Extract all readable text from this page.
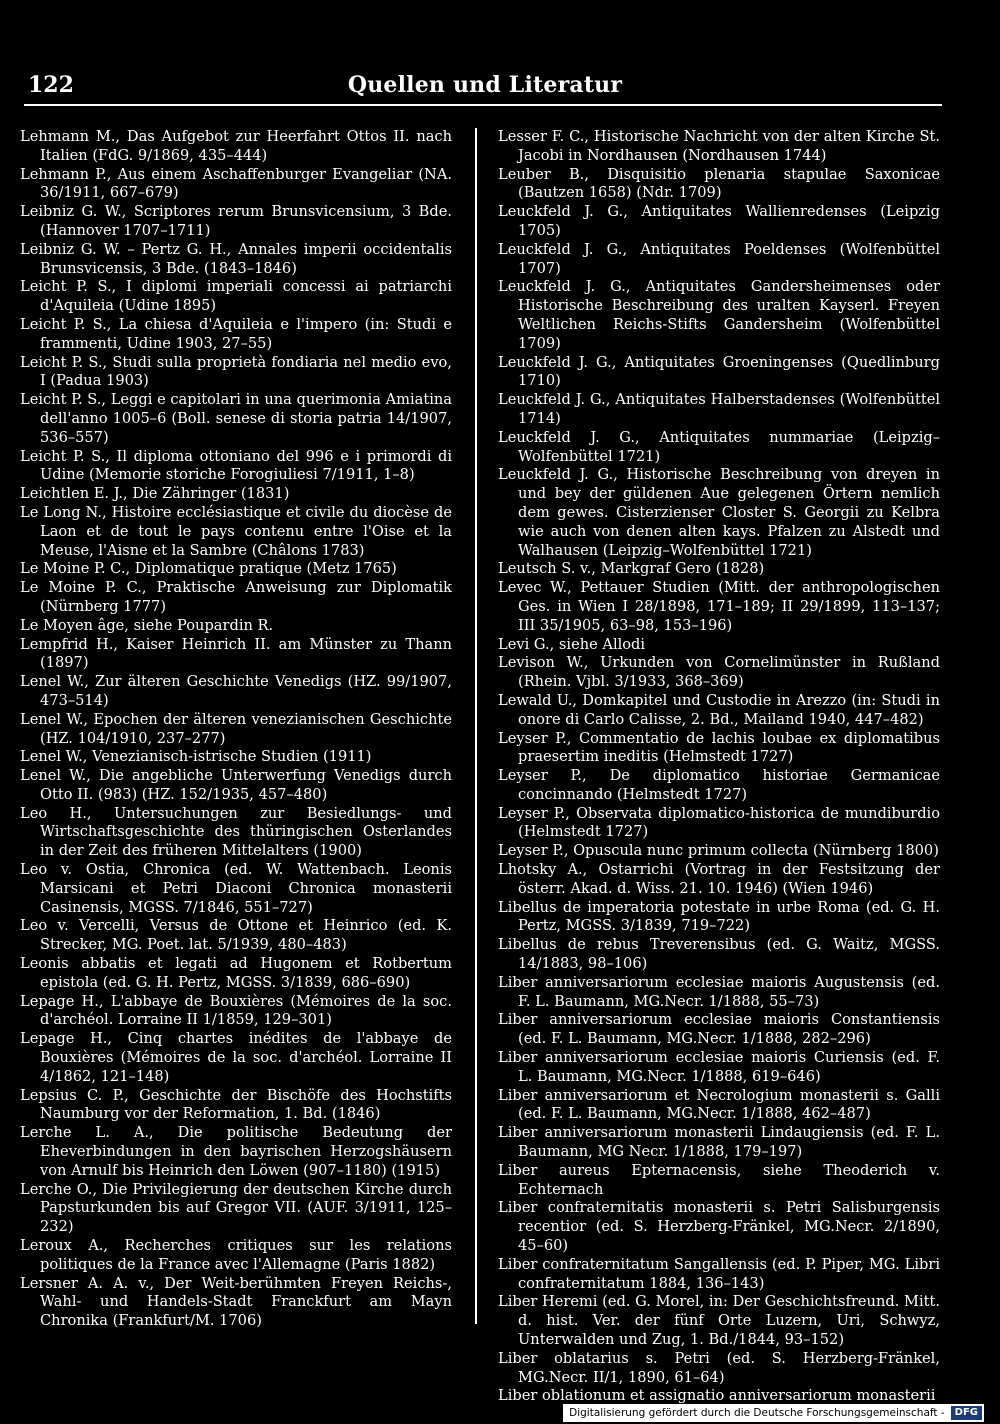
122	Quellen und Literatur

Lehmann M., Das Aufgebot zur Heerfahrt Ottos II. nach Italien (FdG. 9/1869, 435–444)

Lehmann P., Aus einem Aschaffenburger Evangeliar (NA. 36/1911, 667–679)

Leibniz G. W., Scriptores rerum Brunsvicensium, 3 Bde. (Hannover 1707–1711)

Leibniz G. W. – Pertz G. H., Annales imperii occidentalis Brunsvicensis, 3 Bde. (1843–1846)

Leicht P. S., I diplomi imperiali concessi ai patriarchi d'Aquileia (Udine 1895)

Leicht P. S., La chiesa d'Aquileia e l'impero (in: Studi e frammenti, Udine 1903, 27–55)

Leicht P. S., Studi sulla proprietà fondiaria nel medio evo, I (Padua 1903)

Leicht P. S., Leggi e capitolari in una querimonia Amiatina dell'anno 1005–6 (Boll. senese di storia patria 14/1907, 536–557)

Leicht P. S., Il diploma ottoniano del 996 e i primordi di Udine (Memorie storiche Forogiuliesi 7/1911, 1–8)

Leichtlen E. J., Die Zähringer (1831)

Le Long N., Histoire ecclésiastique et civile du diocèse de Laon et de tout le pays contenu entre l'Oise et la Meuse, l'Aisne et la Sambre (Châlons 1783)

Le Moine P. C., Diplomatique pratique (Metz 1765)

Le Moine P. C., Praktische Anweisung zur Diplomatik (Nürnberg 1777)

Le Moyen âge, siehe Poupardin R.

Lempfrid H., Kaiser Heinrich II. am Münster zu Thann (1897)

Lenel W., Zur älteren Geschichte Venedigs (HZ. 99/1907, 473–514)

Lenel W., Epochen der älteren venezianischen Geschichte (HZ. 104/1910, 237–277)

Lenel W., Venezianisch-istrische Studien (1911)

Lenel W., Die angebliche Unterwerfung Venedigs durch Otto II. (983) (HZ. 152/1935, 457–480)

Leo H., Untersuchungen zur Besiedlungs- und Wirtschaftsgeschichte des thüringischen Osterlandes in der Zeit des früheren Mittelalters (1900)

Leo v. Ostia, Chronica (ed. W. Wattenbach. Leonis Marsicani et Petri Diaconi Chronica monasterii Casinensis, MGSS. 7/1846, 551–727)

Leo v. Vercelli, Versus de Ottone et Heinrico (ed. K. Strecker, MG. Poet. lat. 5/1939, 480–483)

Leonis abbatis et legati ad Hugonem et Rotbertum epistola (ed. G. H. Pertz, MGSS. 3/1839, 686–690)

Lepage H., L'abbaye de Bouxières (Mémoires de la soc. d'archéol. Lorraine II 1/1859, 129–301)

Lepage H., Cinq chartes inédites de l'abbaye de Bouxières (Mémoires de la soc. d'archéol. Lorraine II 4/1862, 121–148)

Lepsius C. P., Geschichte der Bischöfe des Hochstifts Naumburg vor der Reformation, 1. Bd. (1846)

Lerche L. A., Die politische Bedeutung der Eheverbindungen in den bayrischen Herzogshäusern von Arnulf bis Heinrich den Löwen (907–1180) (1915)

Lerche O., Die Privilegierung der deutschen Kirche durch Papsturkunden bis auf Gregor VII. (AUF. 3/1911, 125–232)

Leroux A., Recherches critiques sur les relations politiques de la France avec l'Allemagne (Paris 1882)

Lersner A. A. v., Der Weit-berühmten Freyen Reichs-, Wahl- und Handels-Stadt Franckfurt am Mayn Chronika (Frankfurt/M. 1706)

Lesser F. C., Historische Nachricht von der alten Kirche St. Jacobi in Nordhausen (Nordhausen 1744)

Leuber B., Disquisitio plenaria stapulae Saxonicae (Bautzen 1658) (Ndr. 1709)

Leuckfeld J. G., Antiquitates Wallienredenses (Leipzig 1705)

Leuckfeld J. G., Antiquitates Poeldenses (Wolfenbüttel 1707)

Leuckfeld J. G., Antiquitates Gandersheimenses oder Historische Beschreibung des uralten Kayserl. Freyen Weltlichen Reichs-Stifts Gandersheim (Wolfenbüttel 1709)

Leuckfeld J. G., Antiquitates Groeningenses (Quedlinburg 1710)

Leuckfeld J. G., Antiquitates Halberstadenses (Wolfenbüttel 1714)

Leuckfeld J. G., Antiquitates nummariae (Leipzig–Wolfenbüttel 1721)

Leuckfeld J. G., Historische Beschreibung von dreyen in und bey der güldenen Aue gelegenen Örtern nemlich dem gewes. Cisterzienser Closter S. Georgii zu Kelbra wie auch von denen alten kays. Pfalzen zu Alstedt und Walhausen (Leipzig–Wolfenbüttel 1721)

Leutsch S. v., Markgraf Gero (1828)

Levec W., Pettauer Studien (Mitt. der anthropologischen Ges. in Wien I 28/1898, 171–189; II 29/1899, 113–137; III 35/1905, 63–98, 153–196)

Levi G., siehe Allodi

Levison W., Urkunden von Cornelimünster in Rußland (Rhein. Vjbl. 3/1933, 368–369)

Lewald U., Domkapitel und Custodie in Arezzo (in: Studi in onore di Carlo Calisse, 2. Bd., Mailand 1940, 447–482)

Leyser P., Commentatio de lachis loubae ex diplomatibus praesertim ineditis (Helmstedt 1727)

Leyser P., De diplomatico historiae Germanicae concinnando (Helmstedt 1727)

Leyser P., Observata diplomatico-historica de mundiburdio (Helmstedt 1727)

Leyser P., Opuscula nunc primum collecta (Nürnberg 1800)

Lhotsky A., Ostarrichi (Vortrag in der Festsitzung der österr. Akad. d. Wiss. 21. 10. 1946) (Wien 1946)

Libellus de imperatoria potestate in urbe Roma (ed. G. H. Pertz, MGSS. 3/1839, 719–722)

Libellus de rebus Treverensibus (ed. G. Waitz, MGSS. 14/1883, 98–106)

Liber anniversariorum ecclesiae maioris Augustensis (ed. F. L. Baumann, MG.Necr. 1/1888, 55–73)

Liber anniversariorum ecclesiae maioris Constantiensis (ed. F. L. Baumann, MG.Necr. 1/1888, 282–296)

Liber anniversariorum ecclesiae maioris Curiensis (ed. F. L. Baumann, MG.Necr. 1/1888, 619–646)

Liber anniversariorum et Necrologium monasterii s. Galli (ed. F. L. Baumann, MG.Necr. 1/1888, 462–487)

Liber anniversariorum monasterii Lindaugiensis (ed. F. L. Baumann, MG Necr. 1/1888, 179–197)

Liber aureus Epternacensis, siehe Theoderich v. Echternach

Liber confraternitatis monasterii s. Petri Salisburgensis recentior (ed. S. Herzberg-Fränkel, MG.Necr. 2/1890, 45–60)

Liber confraternitatum Sangallensis (ed. P. Piper, MG. Libri confraternitatum 1884, 136–143)

Liber Heremi (ed. G. Morel, in: Der Geschichtsfreund. Mitt. d. hist. Ver. der fünf Orte Luzern, Uri, Schwyz, Unterwalden und Zug, 1. Bd./1844, 93–152)

Liber oblatarius s. Petri (ed. S. Herzberg-Fränkel, MG.Necr. II/1, 1890, 61–64)

Liber oblationum et assignatio anniversariorum monasterii

Digitalisierung gefördert durch die Deutsche Forschungsgemeinschaft -	DFG
